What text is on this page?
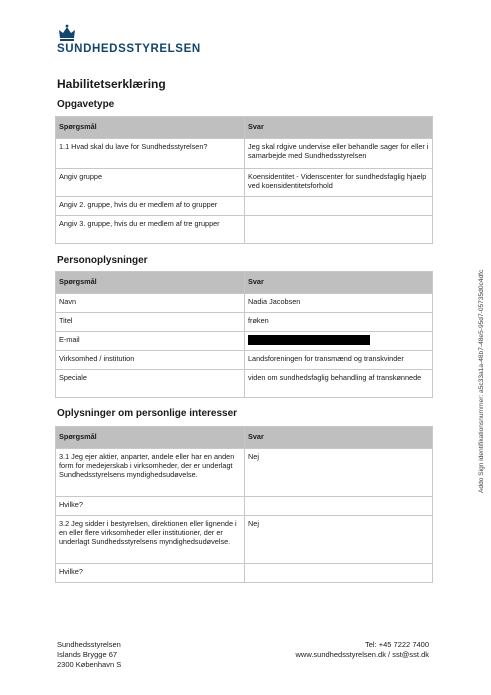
SUNDHEDSSTYRELSEN
Habilitetserklæring
Opgavetype
Spørgsmål	Svar
1.1 Hvad skal du lave for Sundhedsstyrelsen?	Jeg skal rdgive undervise eller behandle sager for eller i samarbejde med Sundhedsstyrelsen
Angiv gruppe	Koensidentitet - Videnscenter for sundhedsfaglig hjaelp ved koensidentitetsforhold
Angiv 2. gruppe, hvis du er medlem af to grupper	
Angiv 3. gruppe, hvis du er medlem af tre grupper	
Personoplysninger
Spørgsmål	Svar
Navn	Nadia Jacobsen
Titel	frøken
E-mail	
Virksomhed / institution	Landsforeningen for transmænd og transkvinder
Speciale	viden om sundhedsfaglig behandling af transkønnede
Oplysninger om personlige interesser
Spørgsmål	Svar
3.1 Jeg ejer aktier, anparter, andele eller har en anden form for medejerskab i virksomheder, der er underlagt Sundhedsstyrelsens myndighedsudøvelse.	Nej
Hvilke?	
3.2 Jeg sidder i bestyrelsen, direktionen eller lignende i en eller flere virksomheder eller institutioner, der er underlagt Sundhedsstyrelsens myndighedsudøvelse.	Nej
Hvilke?	
Addo Sign identifikationsnummer: a5c33a1a-48b7-48e5-95d7-05735d0c4dfc
Sundhedsstyrelsen
Islands Brygge 67
2300 København S
Tel: +45 7222 7400
www.sundhedsstyrelsen.dk / sst@sst.dk
